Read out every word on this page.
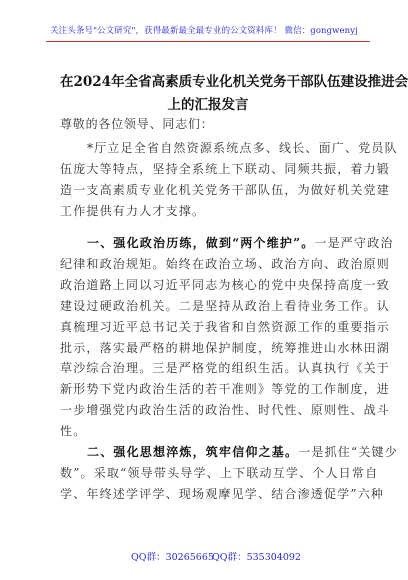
关注头条号"公文研究"，获得最新最全最专业的公文资料库！ 微信：gongwenyj
在2024年全省高素质专业化机关党务干部队伍建设推进会
上的汇报发言
尊敬的各位领导、同志们：
*厅立足全省自然资源系统点多、线长、面广、党员队
伍庞大等特点，坚持全系统上下联动、同频共振，着力锻
造一支高素质专业化机关党务干部队伍，为做好机关党建
工作提供有力人才支撑。
一、强化政治历练，做到“两个维护”。一是严守政治
纪律和政治规矩。始终在政治立场、政治方向、政治原则
政治道路上同以习近平同志为核心的党中央保持高度一致
建设过硬政治机关。二是坚持从政治上看待业务工作。认
真梳理习近平总书记关于我省和自然资源工作的重要指示
批示，落实最严格的耕地保护制度，统筹推进山水林田湖
草沙综合治理。三是严格党的组织生活。认真执行《关于
新形势下党内政治生活的若干准则》等党的工作制度，进
一步增强党内政治生活的政治性、时代性、原则性、战斗
性。
二、强化思想淬炼，筑牢信仰之基。一是抓住“关键少
数”。采取“领导带头导学、上下联动互学、个人日常自
学、年终述学评学、现场观摩见学、结合渗透促学”六种
QQ群：30265665
QQ群：535304092
